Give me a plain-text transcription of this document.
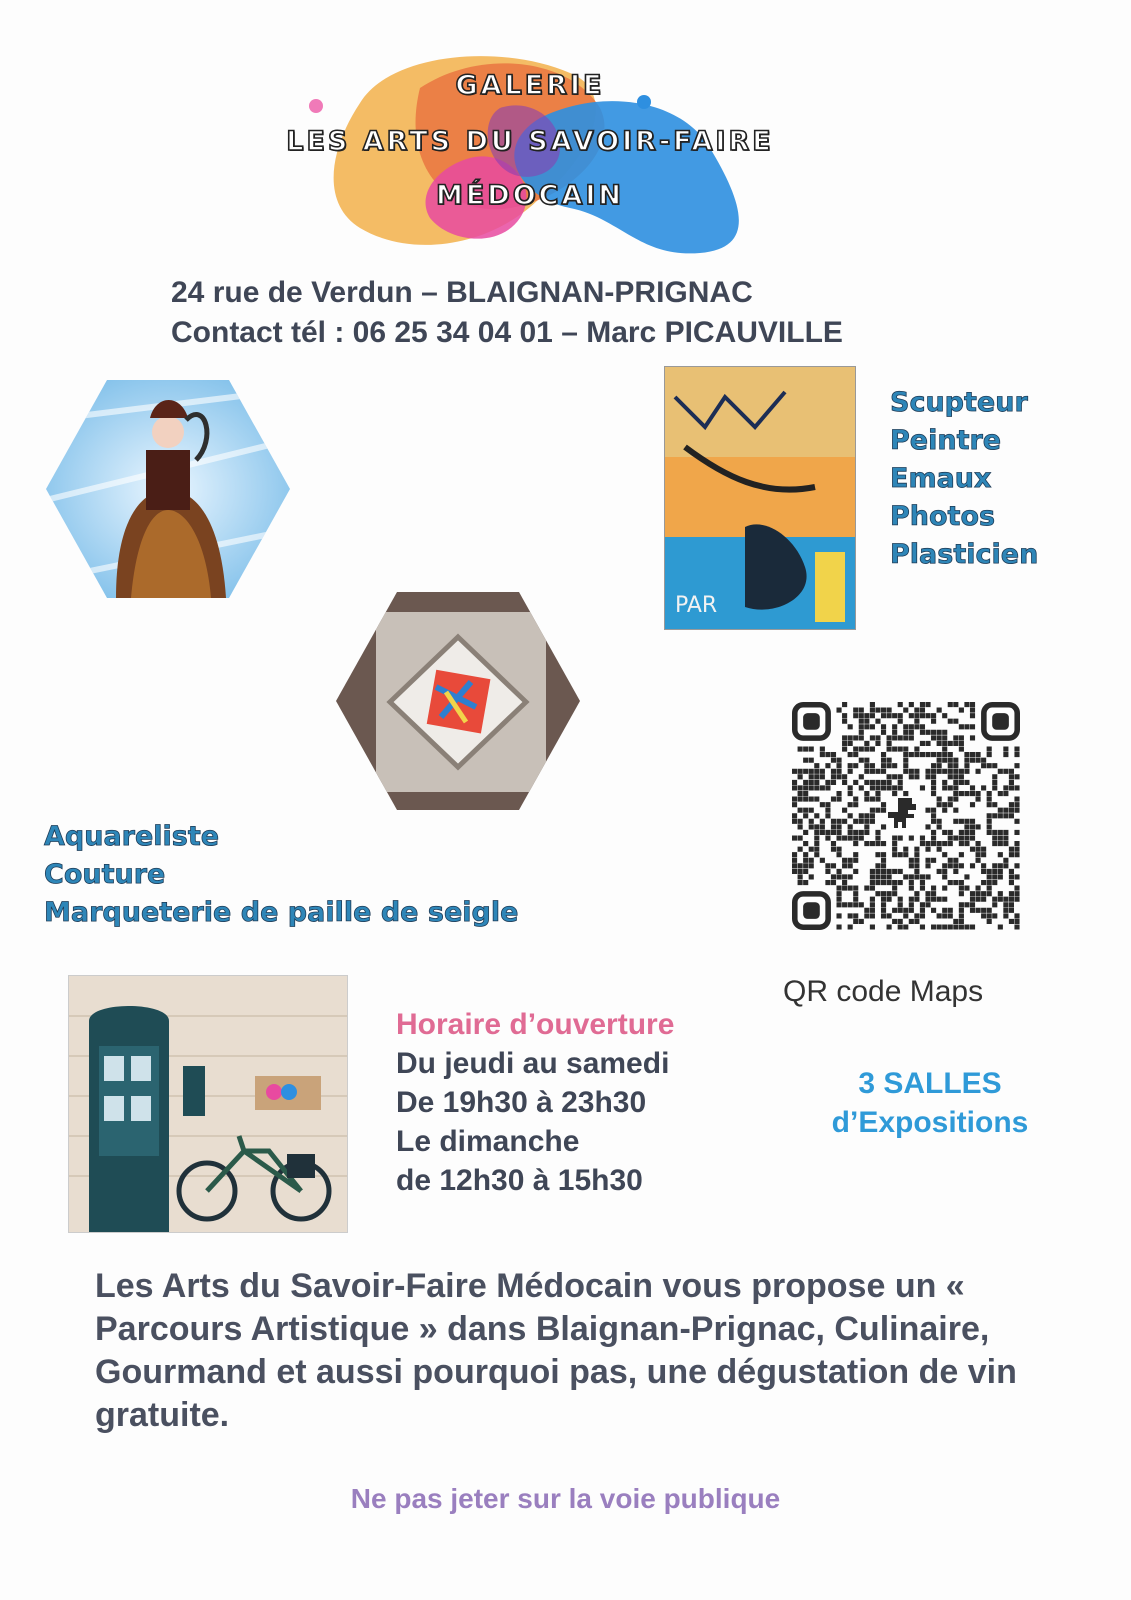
GALERIE
LES ARTS DU SAVOIR-FAIRE
MÉDOCAIN
24 rue de Verdun – BLAIGNAN-PRIGNAC
Contact tél : 06 25 34 04 01 – Marc PICAUVILLE
PAR
Scupteur
Peintre
Emaux
Photos
Plasticien
Aquareliste
Couture
Marqueterie de paille de seigle
QR code Maps
Horaire d’ouverture
Du jeudi au samedi
De 19h30 à 23h30
Le dimanche
de 12h30 à 15h30
3 SALLES
d’Expositions
Les Arts du Savoir-Faire Médocain vous propose un « Parcours Artistique » dans Blaignan-Prignac, Culinaire, Gourmand et aussi pourquoi pas, une dégustation de vin gratuite.
Ne pas jeter sur la voie publique
